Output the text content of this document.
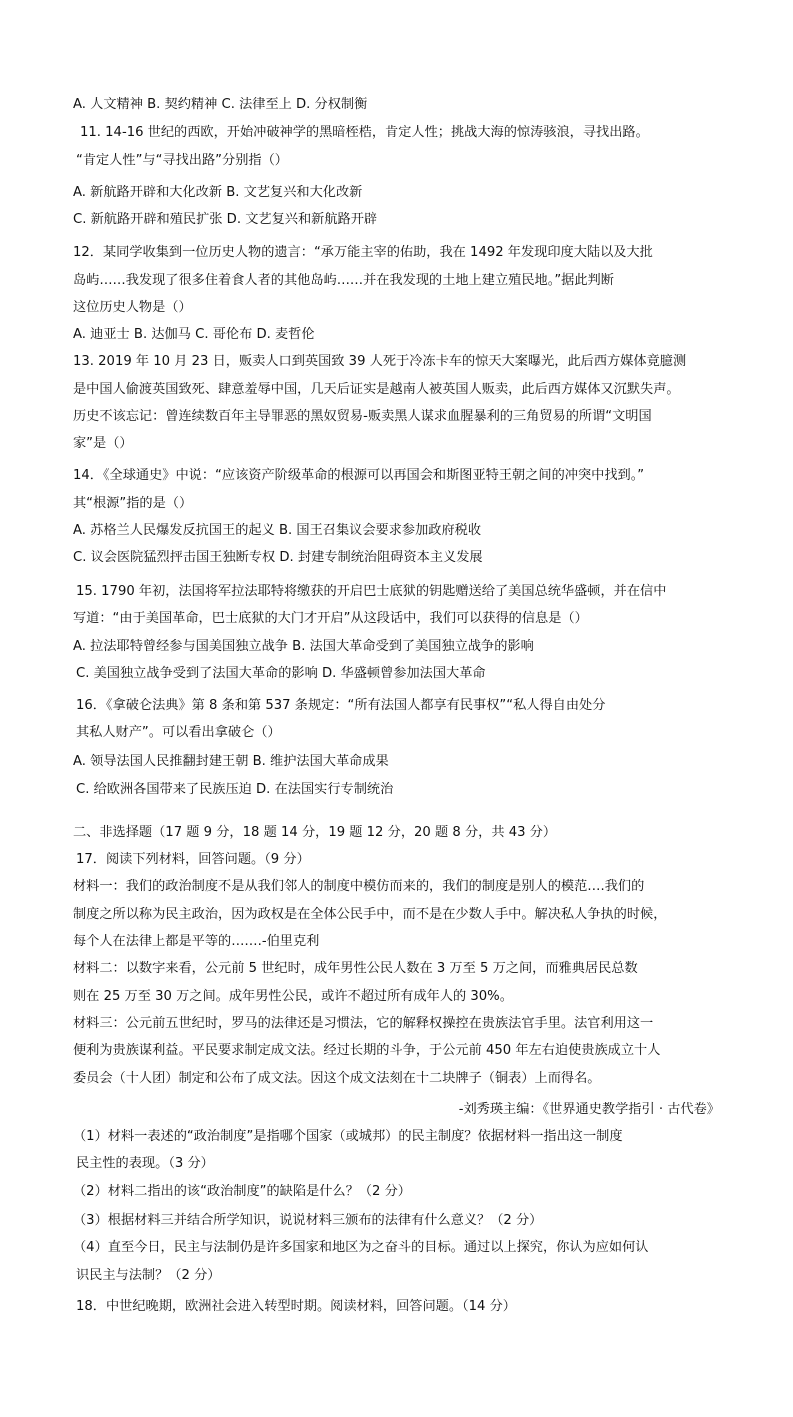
A. 人文精神 B. 契约精神 C. 法律至上 D. 分权制衡
11. 14-16 世纪的西欧，开始冲破神学的黑暗桎梏，肯定人性；挑战大海的惊涛骇浪，寻找出路。
“肯定人性”与“寻找出路”分别指（）
A. 新航路开辟和大化改新 B. 文艺复兴和大化改新
C. 新航路开辟和殖民扩张 D. 文艺复兴和新航路开辟
12．某同学收集到一位历史人物的遗言：“承万能主宰的佑助，我在 1492 年发现印度大陆以及大批
岛屿……我发现了很多住着食人者的其他岛屿……并在我发现的土地上建立殖民地。”据此判断
这位历史人物是（）
A. 迪亚士 B. 达伽马 C. 哥伦布 D. 麦哲伦
13. 2019 年 10 月 23 日，贩卖人口到英国致 39 人死于冷冻卡车的惊天大案曝光，此后西方媒体竟臆测
是中国人偷渡英国致死、肆意羞辱中国，几天后证实是越南人被英国人贩卖，此后西方媒体又沉默失声。
历史不该忘记：曾连续数百年主导罪恶的黑奴贸易-贩卖黑人谋求血腥暴利的三角贸易的所谓“文明国
家”是（）
14．《全球通史》中说：“应该资产阶级革命的根源可以再国会和斯图亚特王朝之间的冲突中找到。”
其“根源”指的是（）
A. 苏格兰人民爆发反抗国王的起义 B. 国王召集议会要求参加政府税收
C. 议会医院猛烈抨击国王独断专权 D. 封建专制统治阻碍资本主义发展
15. 1790 年初，法国将军拉法耶特将缴获的开启巴士底狱的钥匙赠送给了美国总统华盛顿，并在信中
写道：“由于美国革命，巴士底狱的大门才开启”从这段话中，我们可以获得的信息是（）
A. 拉法耶特曾经参与国美国独立战争 B. 法国大革命受到了美国独立战争的影响
C. 美国独立战争受到了法国大革命的影响 D. 华盛顿曾参加法国大革命
16．《拿破仑法典》第 8 条和第 537 条规定：“所有法国人都享有民事权”“私人得自由处分
其私人财产”。可以看出拿破仑（）
A. 领导法国人民推翻封建王朝 B. 维护法国大革命成果
C. 给欧洲各国带来了民族压迫 D. 在法国实行专制统治
二、非选择题（17 题 9 分，18 题 14 分，19 题 12 分，20 题 8 分，共 43 分）
17．阅读下列材料，回答问题。（9 分）
材料一：我们的政治制度不是从我们邻人的制度中模仿而来的，我们的制度是别人的模范….我们的
制度之所以称为民主政治，因为政权是在全体公民手中，而不是在少数人手中。解决私人争执的时候，
每个人在法律上都是平等的…….-伯里克利
材料二：以数字来看，公元前 5 世纪时，成年男性公民人数在 3 万至 5 万之间，而雅典居民总数
则在 25 万至 30 万之间。成年男性公民，或许不超过所有成年人的 30%。
材料三：公元前五世纪时，罗马的法律还是习惯法，它的解释权操控在贵族法官手里。法官利用这一
便利为贵族谋利益。平民要求制定成文法。经过长期的斗争，于公元前 450 年左右迫使贵族成立十人
委员会（十人团）制定和公布了成文法。因这个成文法刻在十二块牌子（铜表）上而得名。
-刘秀瑛主编：《世界通史教学指引 · 古代卷》
（1）材料一表述的“政治制度”是指哪个国家（或城邦）的民主制度？依据材料一指出这一制度
民主性的表现。（3 分）
（2）材料二指出的该“政治制度”的缺陷是什么？（2 分）
（3）根据材料三并结合所学知识，说说材料三颁布的法律有什么意义？（2 分）
（4）直至今日，民主与法制仍是许多国家和地区为之奋斗的目标。通过以上探究，你认为应如何认
识民主与法制？（2 分）
18．中世纪晚期，欧洲社会进入转型时期。阅读材料，回答问题。（14 分）
